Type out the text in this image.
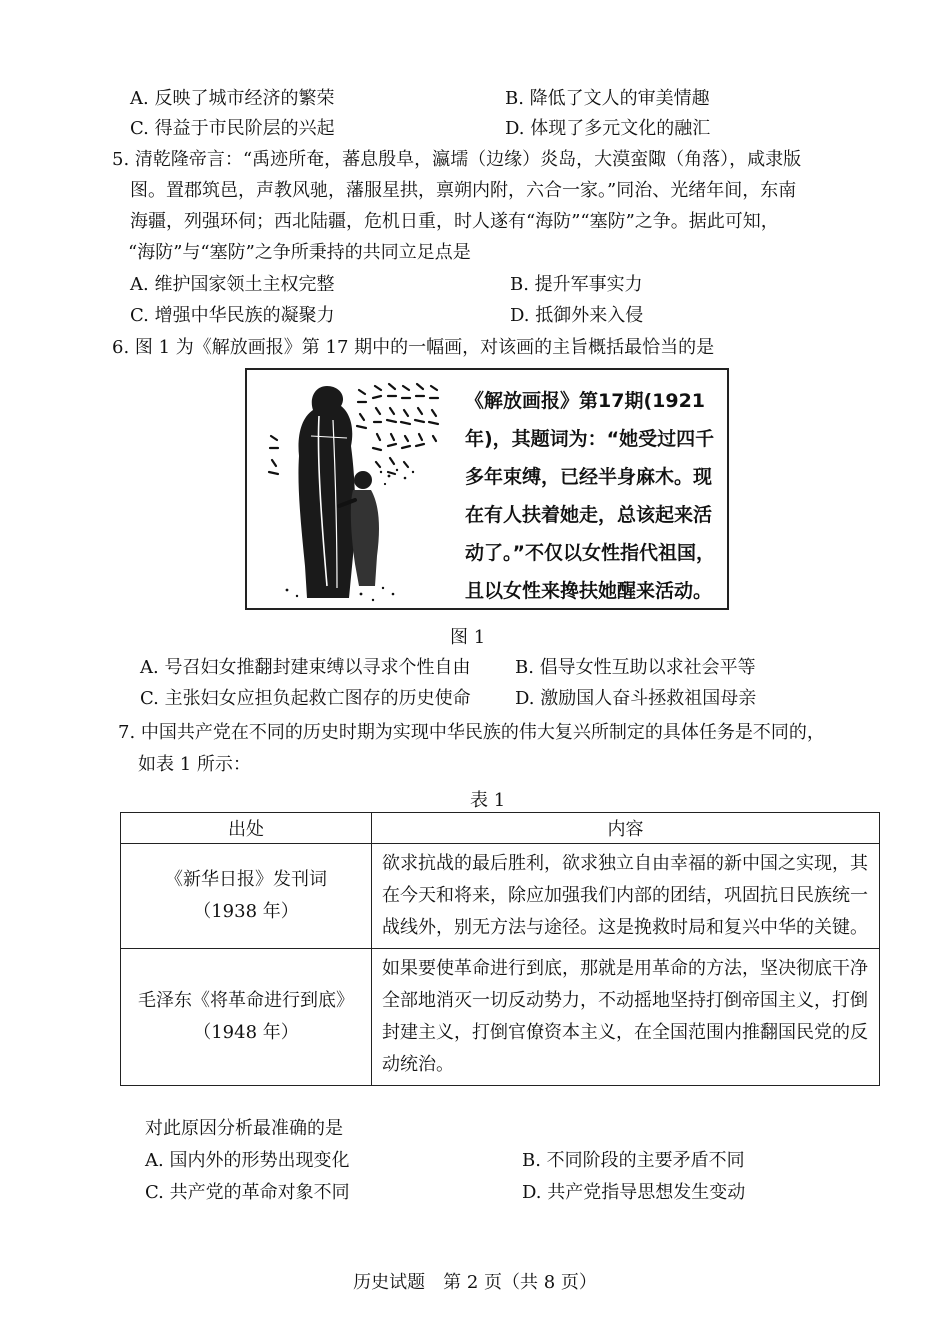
A. 反映了城市经济的繁荣	B. 降低了文人的审美情趣
C. 得益于市民阶层的兴起	D. 体现了多元文化的融汇
5. 清乾隆帝言：“禹迹所奄，蕃息殷阜，瀛壖（边缘）炎岛，大漠蛮陬（角落），咸隶版
图。置郡筑邑，声教风驰，藩服星拱，禀朔内附，六合一家。”同治、光绪年间，东南
海疆，列强环伺；西北陆疆，危机日重，时人遂有“海防”“塞防”之争。据此可知，
“海防”与“塞防”之争所秉持的共同立足点是
A. 维护国家领土主权完整	B. 提升军事实力
C. 增强中华民族的凝聚力	D. 抵御外来入侵
6. 图 1 为《解放画报》第 17 期中的一幅画，对该画的主旨概括最恰当的是
《解放画报》第17期(1921年)，其题词为：“她受过四千多年束缚，已经半身麻木。现在有人扶着她走，总该起来活动了。”不仅以女性指代祖国，且以女性来搀扶她醒来活动。
图 1
A. 号召妇女推翻封建束缚以寻求个性自由 B. 倡导女性互助以求社会平等
C. 主张妇女应担负起救亡图存的历史使命 D. 激励国人奋斗拯救祖国母亲
7. 中国共产党在不同的历史时期为实现中华民族的伟大复兴所制定的具体任务是不同的，
如表 1 所示：
表 1
出处	内容

《新华日报》发刊词
（1938 年）	欲求抗战的最后胜利，欲求独立自由幸福的新中国之实现，其在今天和将来，除应加强我们内部的团结，巩固抗日民族统一战线外，别无方法与途径。这是挽救时局和复兴中华的关键。

毛泽东《将革命进行到底》
（1948 年）	如果要使革命进行到底，那就是用革命的方法，坚决彻底干净全部地消灭一切反动势力，不动摇地坚持打倒帝国主义，打倒封建主义，打倒官僚资本主义，在全国范围内推翻国民党的反动统治。
对此原因分析最准确的是
A. 国内外的形势出现变化	B. 不同阶段的主要矛盾不同
C. 共产党的革命对象不同	D. 共产党指导思想发生变动
历史试题　第 2 页（共 8 页）
